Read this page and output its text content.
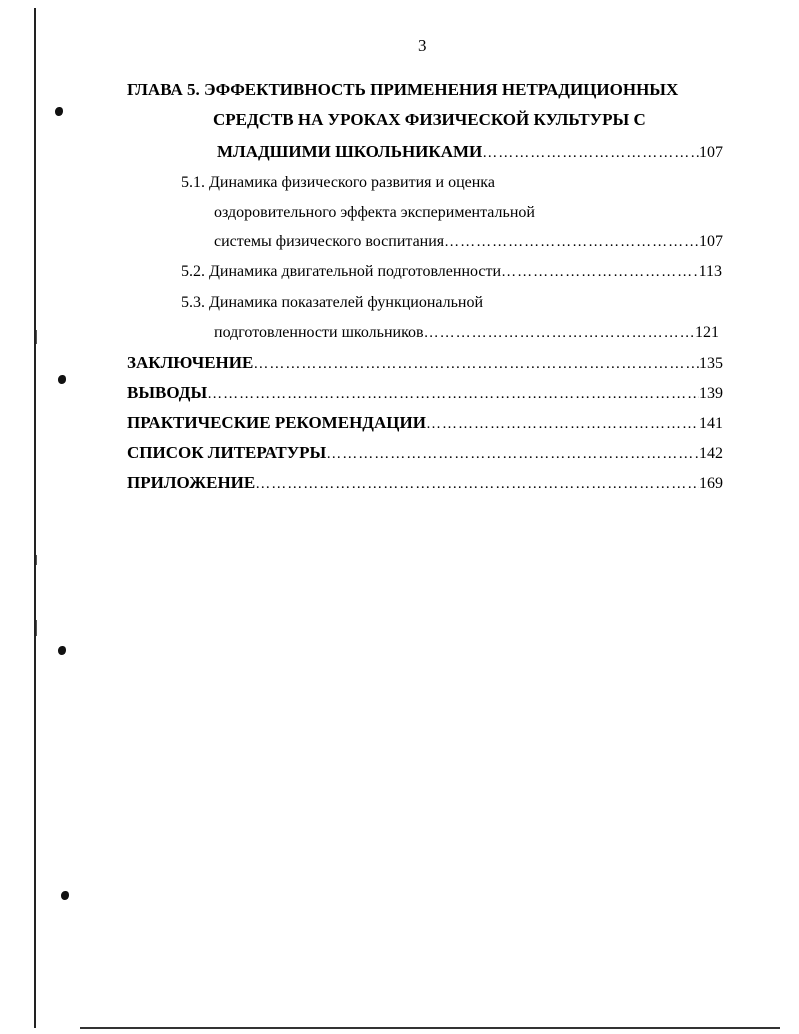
3
ГЛАВА 5. ЭФФЕКТИВНОСТЬ ПРИМЕНЕНИЯ НЕТРАДИЦИОННЫХ
СРЕДСТВ НА УРОКАХ ФИЗИЧЕСКОЙ КУЛЬТУРЫ С
МЛАДШИМИ ШКОЛЬНИКАМИ …………………………………………………………………………………………………………………………………	107
5.1. Динамика физического развития и оценка
оздоровительного эффекта экспериментальной
системы физического воспитания …………………………………………………………………………………………………………………………………	107
5.2. Динамика двигательной подготовленности …………………………………………………………………………………………………………………………………	113
5.3. Динамика показателей функциональной
подготовленности школьников …………………………………………………………………………………………………………………………………	121
ЗАКЛЮЧЕНИЕ …………………………………………………………………………………………………………………………………	135
ВЫВОДЫ …………………………………………………………………………………………………………………………………	139
ПРАКТИЧЕСКИЕ РЕКОМЕНДАЦИИ …………………………………………………………………………………………………………………………………	141
СПИСОК ЛИТЕРАТУРЫ …………………………………………………………………………………………………………………………………	142
ПРИЛОЖЕНИЕ …………………………………………………………………………………………………………………………………	169
